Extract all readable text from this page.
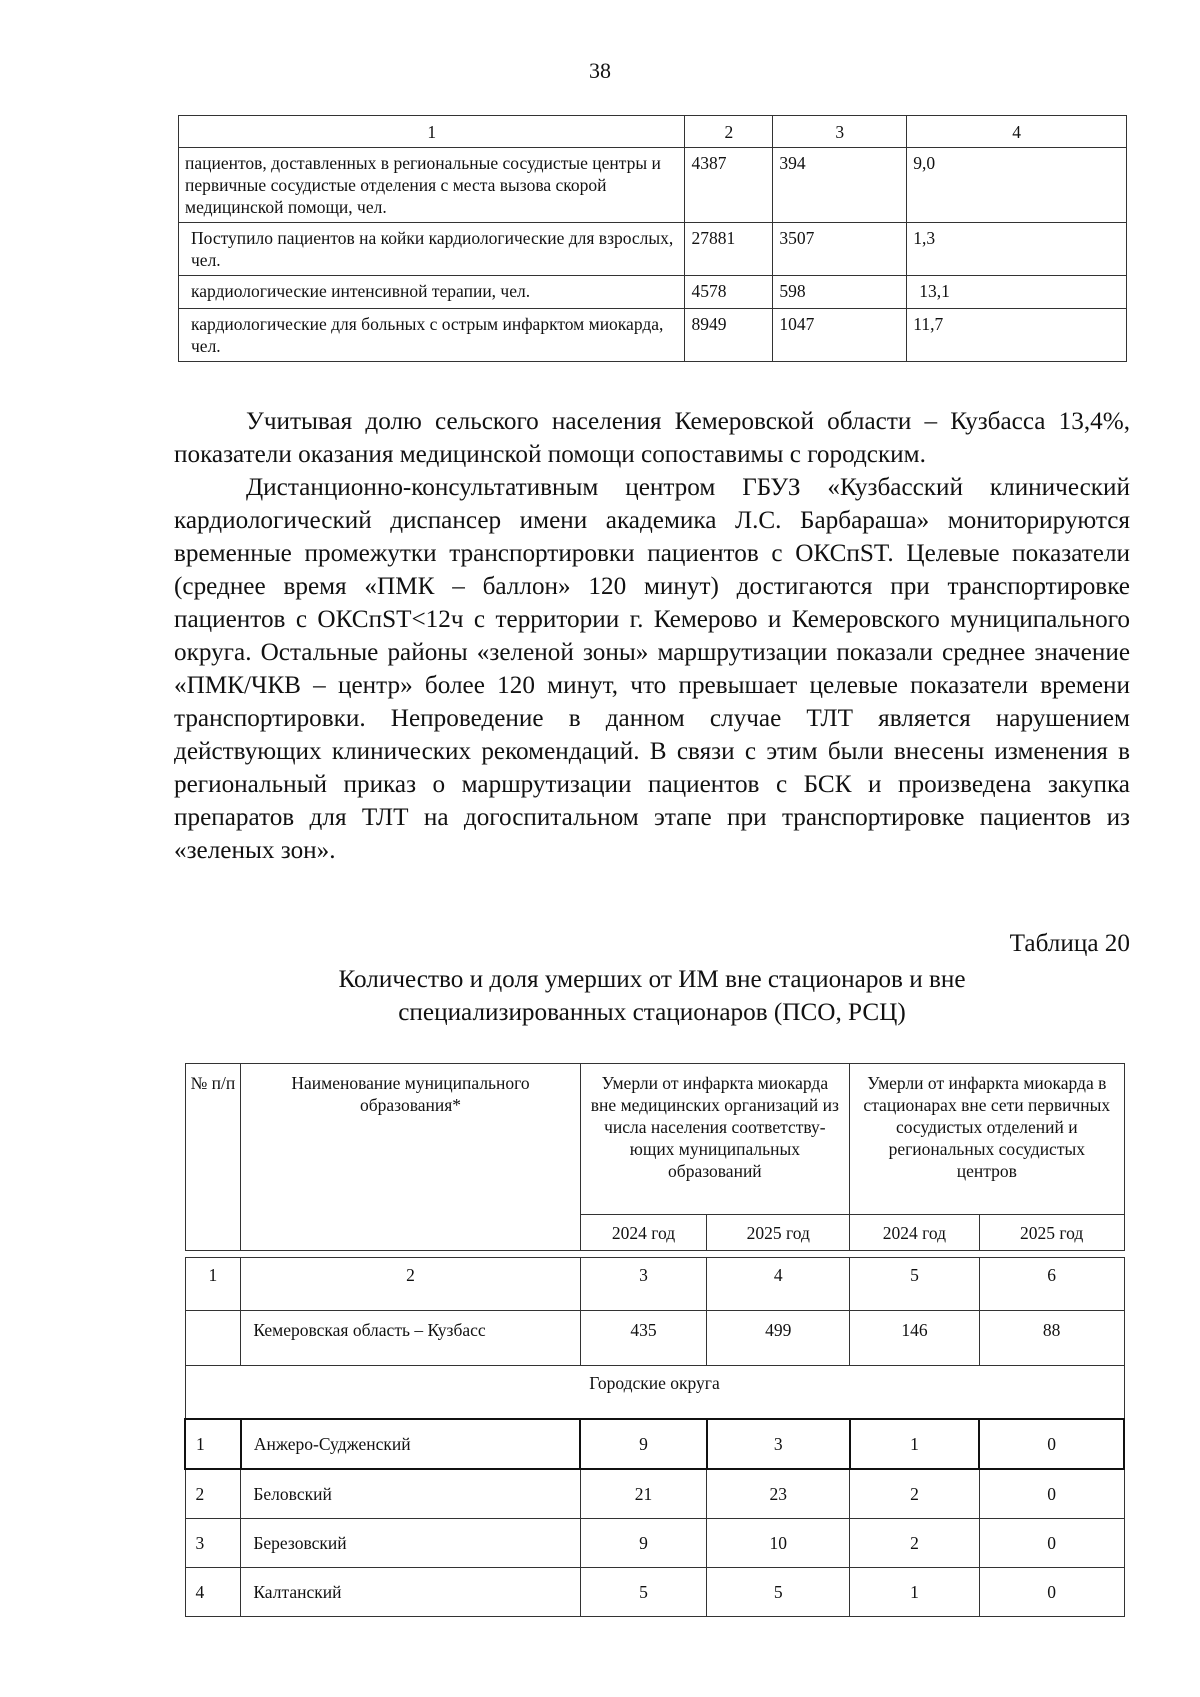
38
1	2	3	4
пациентов, доставленных в региональные сосудистые центры и первичные сосудистые отделения с места вызова скорой медицинской помощи, чел.	4387	394	9,0
Поступило пациентов на койки кардиологические для взрослых, чел.	27881	3507	1,3
кардиологические интенсивной терапии, чел.	4578	598	13,1
кардиологические для больных с острым инфарктом миокарда, чел.	8949	1047	11,7

Учитывая долю сельского населения Кемеровской области – Кузбасса 13,4%, показатели оказания медицинской помощи сопоставимы с городским.

Дистанционно-консультативным центром ГБУЗ «Кузбасский клинический кардиологический диспансер имени академика Л.С. Барбараша» мониторируются временные промежутки транспортировки пациентов с ОКСпST. Целевые показатели (среднее время «ПМК – баллон» 120 минут) достигаются при транспортировке пациентов с ОКСпST<12ч с территории г. Кемерово и Кемеровского муниципального округа. Остальные районы «зеленой зоны» маршрутизации показали среднее значение «ПМК/ЧКВ – центр» более 120 минут, что превышает целевые показатели времени транспортировки. Непроведение в данном случае ТЛТ является нарушением действующих клинических рекомендаций. В связи с этим были внесены изменения в региональный приказ о маршрутизации пациентов с БСК и произведена закупка препаратов для ТЛТ на догоспитальном этапе при транспортировке пациентов из «зеленых зон».

Таблица 20
Количество и доля умерших от ИМ вне стационаров и вне
специализированных стационаров (ПСО, РСЦ)
№ п/п	Наименование муниципального образования*	Умерли от инфаркта миокарда вне медицинских организаций из числа населения соответству-ющих муниципальных образований		Умерли от инфаркта миокарда в стационарах вне сети первичных сосудистых отделений и региональных сосудистых центров	
		2024 год	2025 год	2024 год	2025 год

1	2	3	4	5	6
	Кемеровская область – Кузбасс	435	499	146	88
Городские округа					
1	Анжеро-Судженский	9	3	1	0
2	Беловский	21	23	2	0
3	Березовский	9	10	2	0
4	Калтанский	5	5	1	0
